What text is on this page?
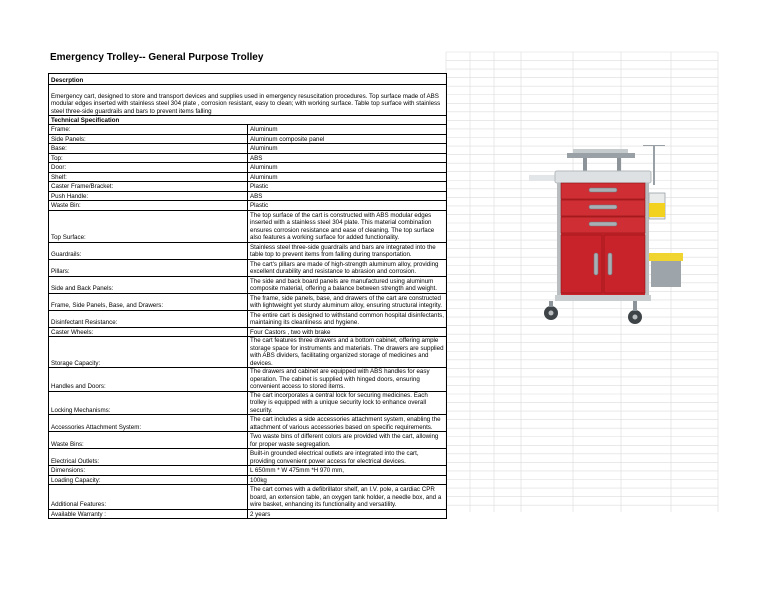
Emergency Trolley-- General Purpose Trolley
Descrption	
Emergency cart, designed to store and transport devices and supplies used in emergency resuscitation procedures. Top surface made of ABS modular edges inserted with stainless steel 304 plate , corrosion resistant, easy to clean; with working surface. Table top surface with stainless steel three-side guardrails and bars to prevent items falling	
Technical Specification	
Frame:	Aluminum
Side Panels:	Aluminum composite panel
Base:	Aluminum
Top:	ABS
Door:	Aluminum
Shelf:	Aluminum
Caster Frame/Bracket:	Plastic
Push Handle:	ABS
Waste Bin:	Plastic
Top Surface:	The top surface of the cart is constructed with ABS modular edges inserted with a stainless steel 304 plate. This material combination ensures corrosion resistance and ease of cleaning. The top surface also features a working surface for added functionality.
Guardrails:	Stainless steel three-side guardrails and bars are integrated into the table top to prevent items from falling during transportation.
Pillars:	The cart's pillars are made of high-strength aluminum alloy, providing excellent durability and resistance to abrasion and corrosion.
Side and Back Panels:	The side and back board panels are manufactured using aluminum composite material, offering a balance between strength and weight.
Frame, Side Panels, Base, and Drawers:	The frame, side panels, base, and drawers of the cart are constructed with lightweight yet sturdy aluminum alloy, ensuring structural integrity.
Disinfectant Resistance:	The entire cart is designed to withstand common hospital disinfectants, maintaining its cleanliness and hygiene.
Caster Wheels:	Four Castors , two with brake
Storage Capacity:	The cart features three drawers and a bottom cabinet, offering ample storage space for instruments and materials. The drawers are supplied with ABS dividers, facilitating organized storage of medicines and devices.
Handles and Doors:	The drawers and cabinet are equipped with ABS handles for easy operation. The cabinet is supplied with hinged doors, ensuring convenient access to stored items.
Locking Mechanisms:	The cart incorporates a central lock for securing medicines. Each trolley is equipped with a unique security lock to enhance overall security.
Accessories Attachment System:	The cart includes a side accessories attachment system, enabling the attachment of various accessories based on specific requirements.
Waste Bins:	Two waste bins of different colors are provided with the cart, allowing for proper waste segregation.
Electrical Outlets:	Built-in grounded electrical outlets are integrated into the cart, providing convenient power access for electrical devices.
Dimensions:	L 650mm * W 475mm *H 970 mm,
Loading Capacity:	100kg
Additional Features:	The cart comes with a defibrillator shelf, an I.V. pole, a cardiac CPR board, an extension table, an oxygen tank holder, a needle box, and a wire basket, enhancing its functionality and versatility.
Available Warranty :	2 years
